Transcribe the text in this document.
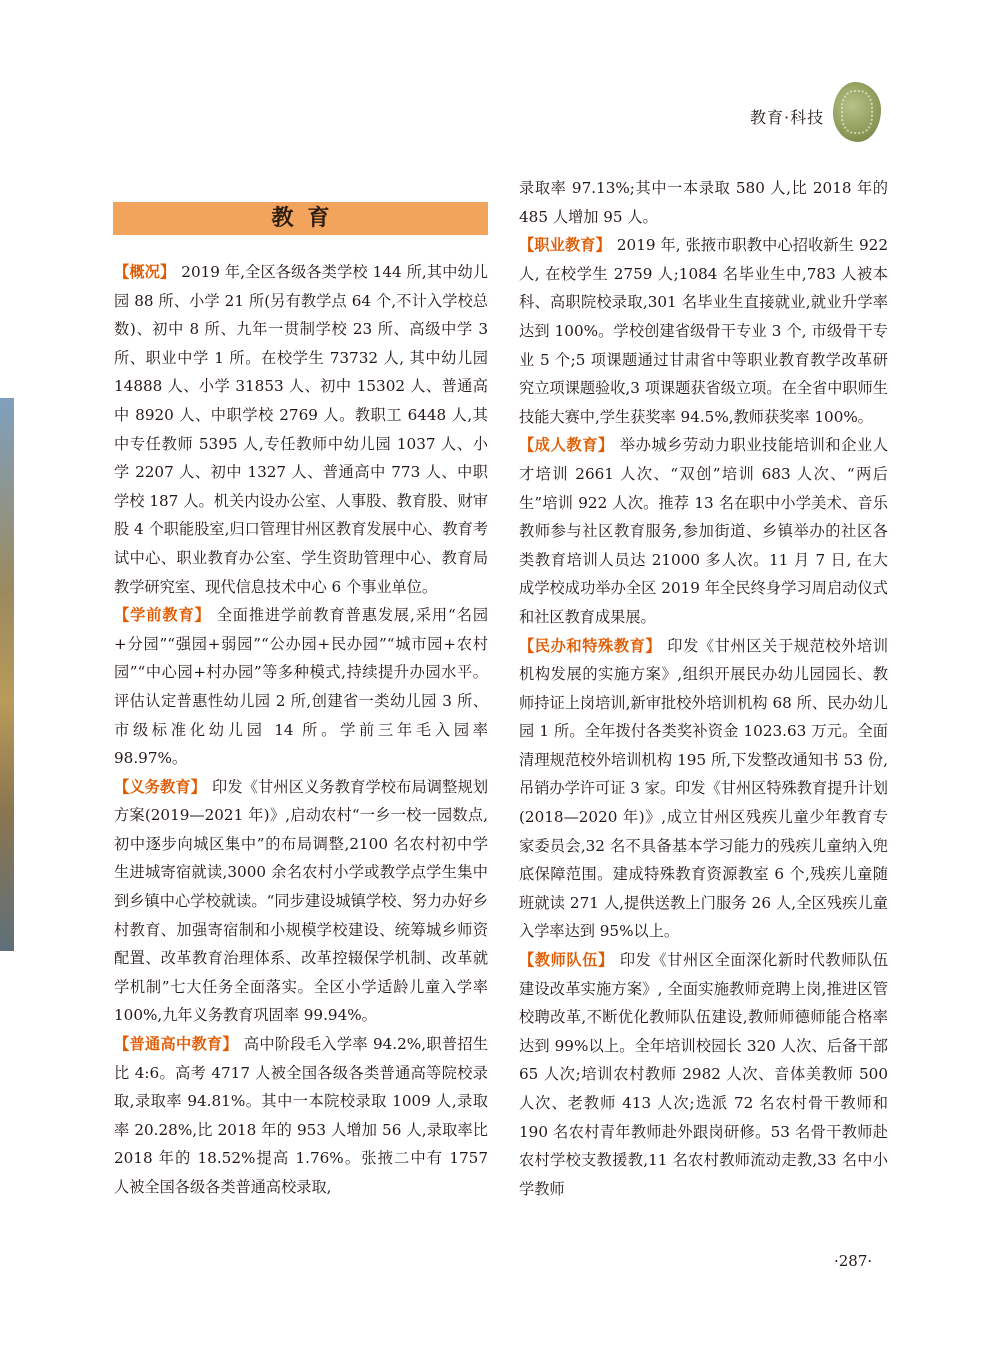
教育·科技
教育

【概况】 2019 年,全区各级各类学校 144 所,其中幼儿园 88 所、小学 21 所(另有教学点 64 个,不计入学校总数)、初中 8 所、九年一贯制学校 23 所、高级中学 3 所、职业中学 1 所。在校学生 73732 人, 其中幼儿园 14888 人、小学 31853 人、初中 15302 人、普通高中 8920 人、中职学校 2769 人。教职工 6448 人,其中专任教师 5395 人,专任教师中幼儿园 1037 人、小学 2207 人、初中 1327 人、普通高中 773 人、中职学校 187 人。机关内设办公室、人事股、教育股、财审股 4 个职能股室,归口管理甘州区教育发展中心、教育考试中心、职业教育办公室、学生资助管理中心、教育局教学研究室、现代信息技术中心 6 个事业单位。

【学前教育】 全面推进学前教育普惠发展,采用“名园+分园”“强园+弱园”“公办园+民办园”“城市园+农村园”“中心园+村办园”等多种模式,持续提升办园水平。评估认定普惠性幼儿园 2 所,创建省一类幼儿园 3 所、市级标准化幼儿园 14 所。学前三年毛入园率 98.97%。

【义务教育】 印发《甘州区义务教育学校布局调整规划方案(2019—2021 年)》,启动农村“一乡一校一园数点,初中逐步向城区集中”的布局调整,2100 名农村初中学生进城寄宿就读,3000 余名农村小学或教学点学生集中到乡镇中心学校就读。“同步建设城镇学校、努力办好乡村教育、加强寄宿制和小规模学校建设、统筹城乡师资配置、改革教育治理体系、改革控辍保学机制、改革就学机制”七大任务全面落实。全区小学适龄儿童入学率 100%,九年义务教育巩固率 99.94%。

【普通高中教育】 高中阶段毛入学率 94.2%,职普招生比 4:6。高考 4717 人被全国各级各类普通高等院校录取,录取率 94.81%。其中一本院校录取 1009 人,录取率 20.28%,比 2018 年的 953 人增加 56 人,录取率比 2018 年的 18.52%提高 1.76%。张掖二中有 1757 人被全国各级各类普通高校录取,

录取率 97.13%;其中一本录取 580 人,比 2018 年的 485 人增加 95 人。

【职业教育】 2019 年, 张掖市职教中心招收新生 922 人, 在校学生 2759 人;1084 名毕业生中,783 人被本科、高职院校录取,301 名毕业生直接就业,就业升学率达到 100%。学校创建省级骨干专业 3 个, 市级骨干专业 5 个;5 项课题通过甘肃省中等职业教育教学改革研究立项课题验收,3 项课题获省级立项。在全省中职师生技能大赛中,学生获奖率 94.5%,教师获奖率 100%。

【成人教育】 举办城乡劳动力职业技能培训和企业人才培训 2661 人次、“双创”培训 683 人次、“两后生”培训 922 人次。推荐 13 名在职中小学美术、音乐教师参与社区教育服务,参加街道、乡镇举办的社区各类教育培训人员达 21000 多人次。11 月 7 日, 在大成学校成功举办全区 2019 年全民终身学习周启动仪式和社区教育成果展。

【民办和特殊教育】 印发《甘州区关于规范校外培训机构发展的实施方案》,组织开展民办幼儿园园长、教师持证上岗培训,新审批校外培训机构 68 所、民办幼儿园 1 所。全年拨付各类奖补资金 1023.63 万元。全面清理规范校外培训机构 195 所,下发整改通知书 53 份,吊销办学许可证 3 家。印发《甘州区特殊教育提升计划(2018—2020 年)》,成立甘州区残疾儿童少年教育专家委员会,32 名不具备基本学习能力的残疾儿童纳入兜底保障范围。建成特殊教育资源教室 6 个,残疾儿童随班就读 271 人,提供送教上门服务 26 人,全区残疾儿童入学率达到 95%以上。

【教师队伍】 印发《甘州区全面深化新时代教师队伍建设改革实施方案》, 全面实施教师竞聘上岗,推进区管校聘改革,不断优化教师队伍建设,教师师德师能合格率达到 99%以上。全年培训校园长 320 人次、后备干部 65 人次;培训农村教师 2982 人次、音体美教师 500 人次、老教师 413 人次;选派 72 名农村骨干教师和 190 名农村青年教师赴外跟岗研修。53 名骨干教师赴农村学校支教援教,11 名农村教师流动走教,33 名中小学教师

·287·
